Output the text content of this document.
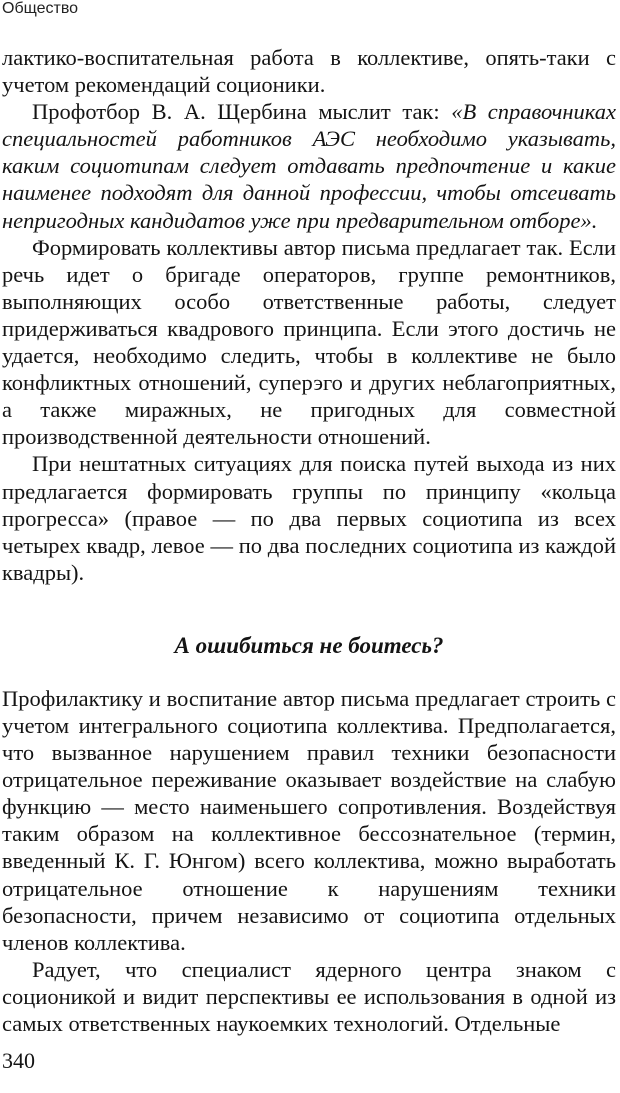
Общество

лактико-воспитательная работа в коллективе, опять-таки с учетом рекомендаций соционики.

Профотбор В. А. Щербина мыслит так: «В справочниках специальностей работников АЭС необходимо указывать, каким социотипам следует отдавать предпочтение и какие наименее подходят для данной профессии, чтобы отсеивать непригодных кандидатов уже при предварительном отборе».

Формировать коллективы автор письма предлагает так. Если речь идет о бригаде операторов, группе ремонтников, выполняющих особо ответственные работы, следует придерживаться квадрового принципа. Если этого достичь не удается, необходимо следить, чтобы в коллективе не было конфликтных отношений, суперэго и других неблагоприятных, а также миражных, не пригодных для совместной производственной деятельности отношений.

При нештатных ситуациях для поиска путей выхода из них предлагается формировать группы по принципу «кольца прогресса» (правое — по два первых социотипа из всех четырех квадр, левое — по два последних социотипа из каждой квадры).

А ошибиться не боитесь?

Профилактику и воспитание автор письма предлагает строить с учетом интегрального социотипа коллектива. Предполагается, что вызванное нарушением правил техники безопасности отрицательное переживание оказывает воздействие на слабую функцию — место наименьшего сопротивления. Воздействуя таким образом на коллективное бессознательное (термин, введенный К. Г. Юнгом) всего коллектива, можно выработать отрицательное отношение к нарушениям техники безопасности, причем независимо от социотипа отдельных членов коллектива.

Радует, что специалист ядерного центра знаком с соционикой и видит перспективы ее использования в одной из самых ответственных наукоемких технологий. Отдельные

340
